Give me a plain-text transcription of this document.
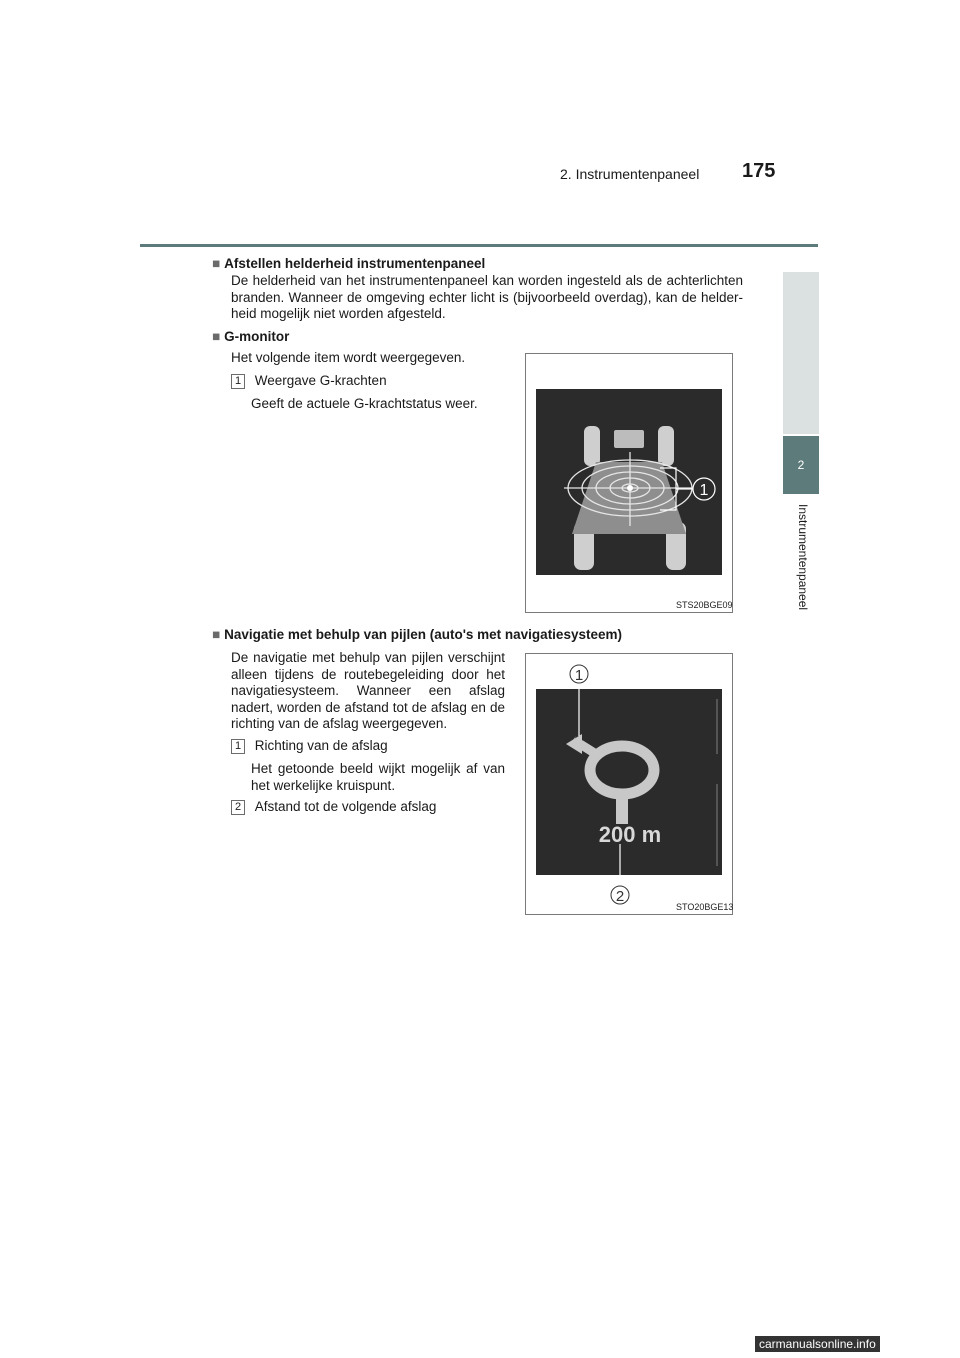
2. Instrumentenpaneel 175
2
Instrumentenpaneel
■ Afstellen helderheid instrumentenpaneel
De helderheid van het instrumentenpaneel kan worden ingesteld als de achterlichten branden. Wanneer de omgeving echter licht is (bijvoorbeeld overdag), kan de helder-heid mogelijk niet worden afgesteld.
■ G-monitor
Het volgende item wordt weergegeven.
1 Weergave G-krachten
Geeft de actuele G-krachtstatus weer.
1
STS20BGE09
■ Navigatie met behulp van pijlen (auto's met navigatiesysteem)
De navigatie met behulp van pijlen verschijnt alleen tijdens de routebegeleiding door het navigatiesysteem. Wanneer een afslag nadert, worden de afstand tot de afslag en de richting van de afslag weergegeven.
1 Richting van de afslag
Het getoonde beeld wijkt mogelijk af van het werkelijke kruispunt.
2 Afstand tot de volgende afslag
1
200 m
2
STO20BGE13
carmanualsonline.info
